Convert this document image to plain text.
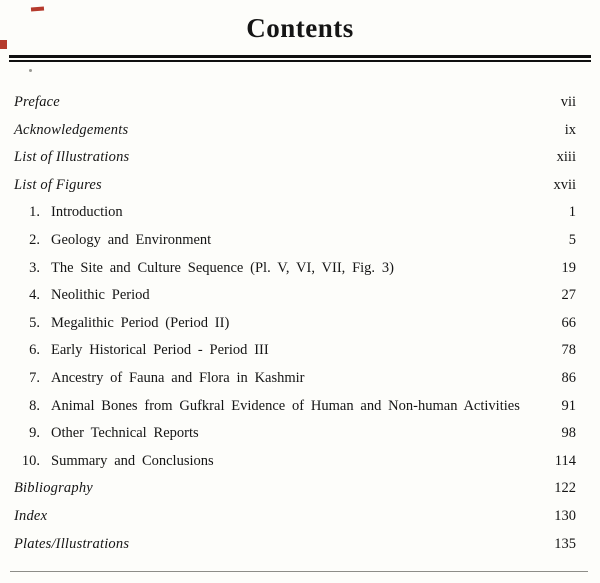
Contents
Preface	vii
Acknowledgements	ix
List of Illustrations	xiii
List of Figures	xvii
1. Introduction	1
2. Geology and Environment	5
3. The Site and Culture Sequence (Pl. V, VI, VII, Fig. 3)	19
4. Neolithic Period	27
5. Megalithic Period (Period II)	66
6. Early Historical Period - Period III	78
7. Ancestry of Fauna and Flora in Kashmir	86
8. Animal Bones from Gufkral Evidence of Human and Non-human Activities	91
9. Other Technical Reports	98
10. Summary and Conclusions	114
Bibliography	122
Index	130
Plates/Illustrations	135
